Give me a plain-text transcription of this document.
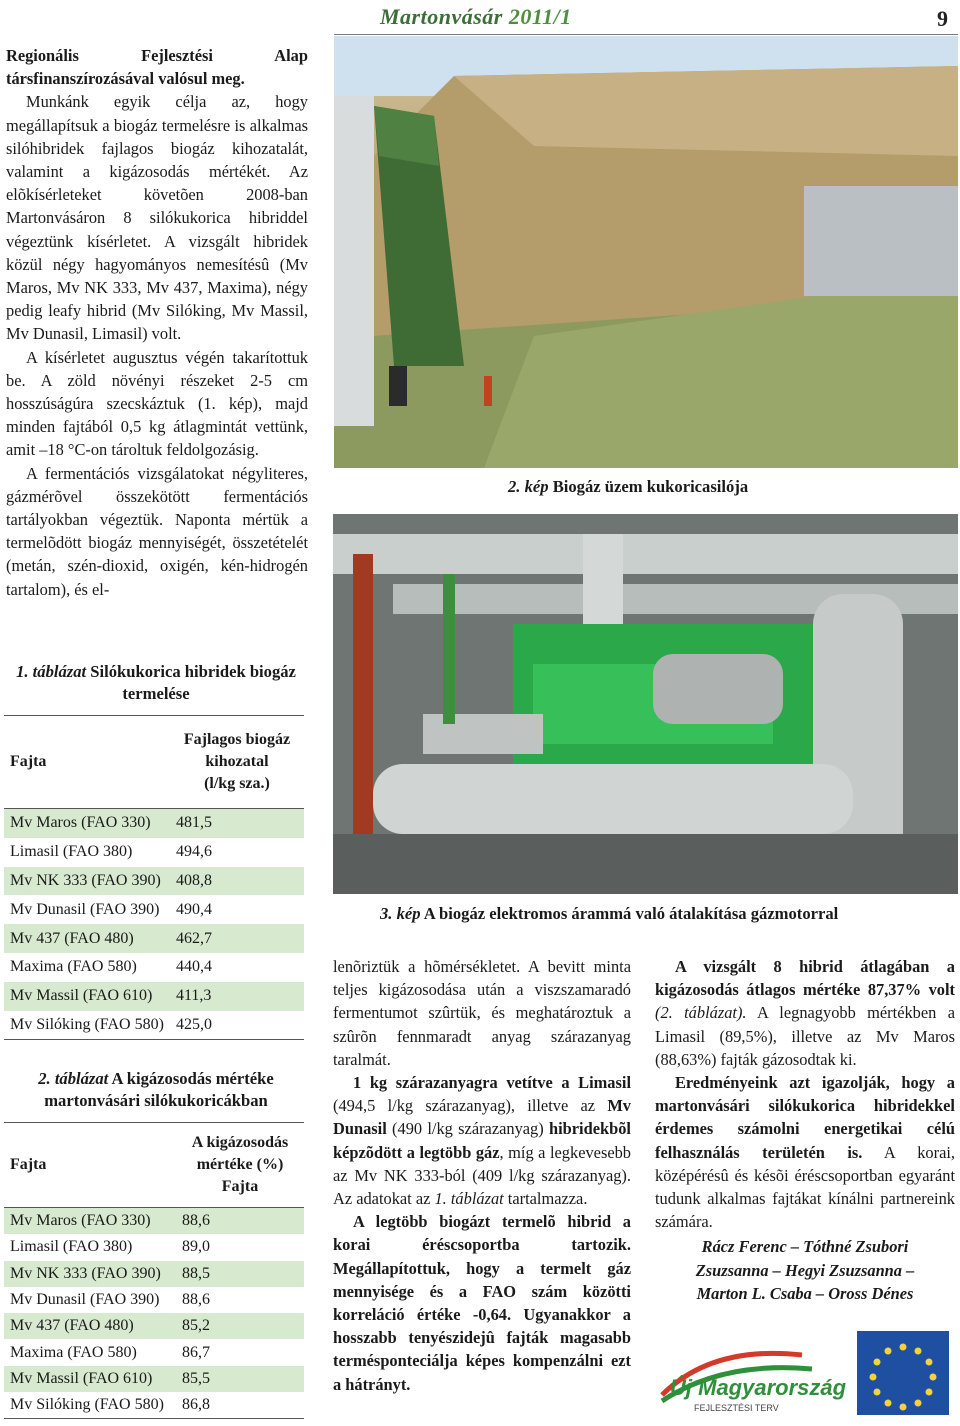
Martonvásár 2011/1	9

Regionális Fejlesztési Alap társfinanszírozásával valósul meg.

Munkánk egyik célja az, hogy megállapítsuk a biogáz termelésre is alkalmas silóhibridek fajlagos biogáz kihozatalát, valamint a kigázosodás mértékét. Az elõkísérleteket követõen 2008-ban Martonvásáron 8 silókukorica hibriddel végeztünk kísérletet. A vizsgált hibridek közül négy hagyományos nemesítésû (Mv Maros, Mv NK 333, Mv 437, Maxima), négy pedig leafy hibrid (Mv Silóking, Mv Massil, Mv Dunasil, Limasil) volt.

A kísérletet augusztus végén takarítottuk be. A zöld növényi részeket 2-5 cm hosszúságúra szecskáztuk (1. kép), majd minden fajtából 0,5 kg átlagmintát vettünk, amit –18 °C-on tároltuk feldolgozásig.

A fermentációs vizsgálatokat négyliteres, gázmérõvel összekötött fermentációs tartályokban végeztük. Naponta mértük a termelõdött biogáz mennyiségét, összetételét (metán, szén-dioxid, oxigén, kén-hidrogén tartalom), és el-

2. kép Biogáz üzem kukoricasilója
3. kép A biogáz elektromos árammá való átalakítása gázmotorral
1. táblázat Silókukorica hibridek biogáz termelése
Fajta	Fajlagos biogáz
kihozatal
(l/kg sza.)

Mv Maros (FAO 330)	481,5
Limasil (FAO 380)	494,6
Mv NK 333 (FAO 390)	408,8
Mv Dunasil (FAO 390)	490,4
Mv 437 (FAO 480)	462,7
Maxima (FAO 580)	440,4
Mv Massil (FAO 610)	411,3
Mv Silóking (FAO 580)	425,0
2. táblázat A kigázosodás mértéke martonvásári silókukoricákban
Fajta	A kigázosodás
mértéke (%)
Fajta

Mv Maros (FAO 330)	88,6
Limasil (FAO 380)	89,0
Mv NK 333 (FAO 390)	88,5
Mv Dunasil (FAO 390)	88,6
Mv 437 (FAO 480)	85,2
Maxima (FAO 580)	86,7
Mv Massil (FAO 610)	85,5
Mv Silóking (FAO 580)	86,8

lenõriztük a hõmérsékletet. A bevitt minta teljes kigázosodása után a viszszamaradó fermentumot szûrtük, és meghatároztuk a szûrõn fennmaradt anyag szárazanyag taralmát.

1 kg szárazanyagra vetítve a Limasil (494,5 l/kg szárazanyag), illetve az Mv Dunasil (490 l/kg szárazanyag) hibridekbõl képzõdött a legtöbb gáz, míg a legkevesebb az Mv NK 333-ból (409 l/kg szárazanyag). Az adatokat az 1. táblázat tartalmazza.

A legtöbb biogázt termelõ hibrid a korai éréscsoportba tartozik. Megállapítottuk, hogy a termelt gáz mennyisége és a FAO szám közötti korreláció értéke -0,64. Ugyanakkor a hosszabb tenyészidejû fajták magasabb termésponteciálja képes kompenzálni ezt a hátrányt.

A vizsgált 8 hibrid átlagában a kigázosodás átlagos mértéke 87,37% volt (2. táblázat). A legnagyobb mértékben a Limasil (89,5%), illetve az Mv Maros (88,63%) fajták gázosodtak ki.

Eredményeink azt igazolják, hogy a martonvásári silókukorica hibridekkel érdemes számolni energetikai célú felhasználás területén is. A korai, középérésû és késõi éréscsoportban egyaránt tudunk alkalmas fajtákat kínálni partnereink számára.

Rácz Ferenc – Tóthné Zsubori

Zsuzsanna – Hegyi Zsuzsanna –

Marton L. Csaba – Oross Dénes

Új Magyarország
FEJLESZTÉSI TERV
